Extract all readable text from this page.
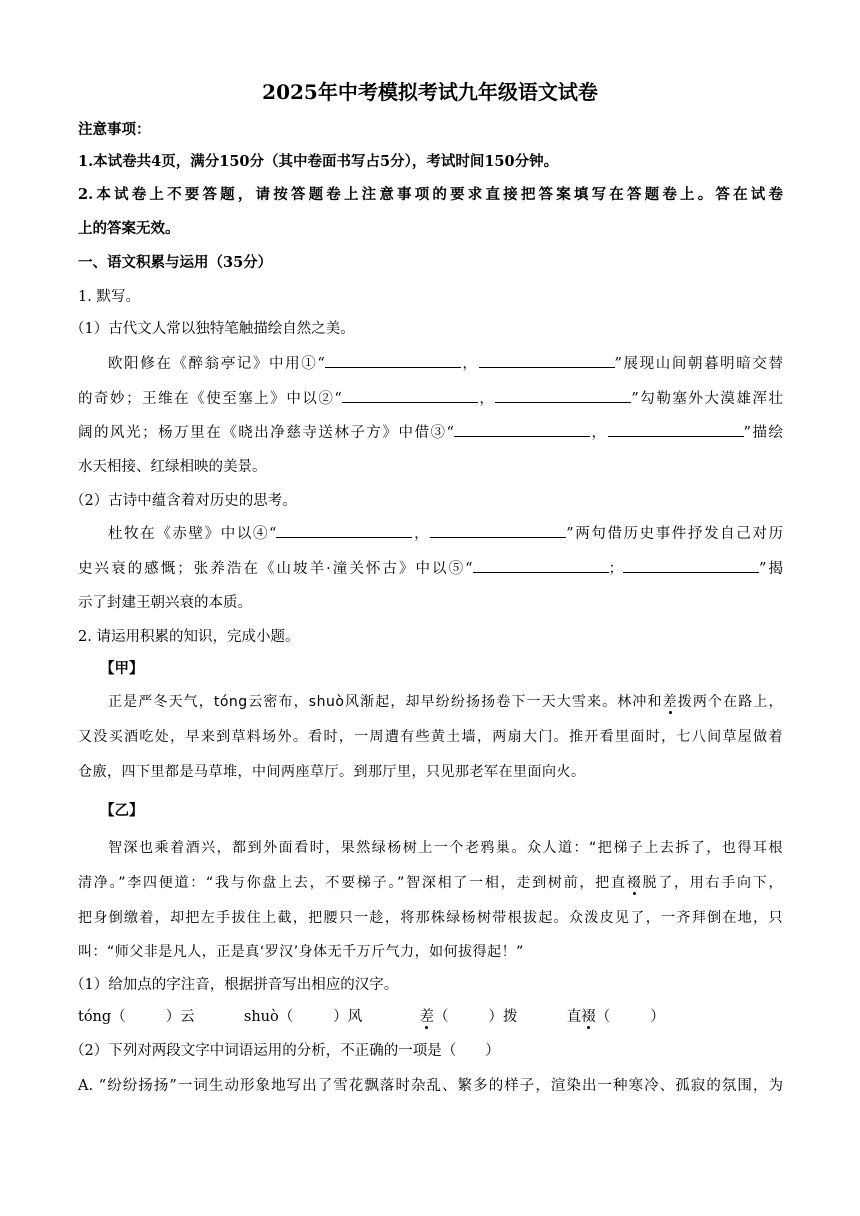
2025年中考模拟考试九年级语文试卷
注意事项：
1.本试卷共4页，满分150分（其中卷面书写占5分），考试时间150分钟。
2.本试卷上不要答题，请按答题卷上注意事项的要求直接把答案填写在答题卷上。答在试卷
上的答案无效。
一、语文积累与运用（35分）
1. 默写。
（1）古代文人常以独特笔触描绘自然之美。
欧阳修在《醉翁亭记》中用①“	，	”展现山间朝暮明暗交替
的奇妙；王维在《使至塞上》中以②“	，	”勾勒塞外大漠雄浑壮
阔的风光；杨万里在《晓出净慈寺送林子方》中借③“	，	”描绘
水天相接、红绿相映的美景。
（2）古诗中蕴含着对历史的思考。
杜牧在《赤壁》中以④“	，	”两句借历史事件抒发自己对历
史兴衰的感慨；张养浩在《山坡羊·潼关怀古》中以⑤“	；	”揭
示了封建王朝兴衰的本质。
2. 请运用积累的知识，完成小题。
【甲】
正是严冬天气，tóng云密布，shuò风渐起，却早纷纷扬扬卷下一天大雪来。林冲和差拨两个在路上，
又没买酒吃处，早来到草料场外。看时，一周遭有些黄土墙，两扇大门。推开看里面时，七八间草屋做着
仓廒，四下里都是马草堆，中间两座草厅。到那厅里，只见那老军在里面向火。
【乙】
智深也乘着酒兴，都到外面看时，果然绿杨树上一个老鸦巢。众人道：“把梯子上去拆了，也得耳根
清净。”李四便道：“我与你盘上去，不要梯子。”智深相了一相，走到树前，把直裰脱了，用右手向下，
把身倒缴着，却把左手拔住上截，把腰只一趁，将那株绿杨树带根拔起。众泼皮见了，一齐拜倒在地，只
叫：“师父非是凡人，正是真‘罗汉’身体无千万斤气力，如何拔得起！”
（1）给加点的字注音，根据拼音写出相应的汉字。
tóng（	）云	shuò（	）风	差（	）拨	直裰（	）
（2）下列对两段文字中词语运用的分析，不正确的一项是（　　）
A. “纷纷扬扬”一词生动形象地写出了雪花飘落时杂乱、繁多的样子，渲染出一种寒冷、孤寂的氛围，为
